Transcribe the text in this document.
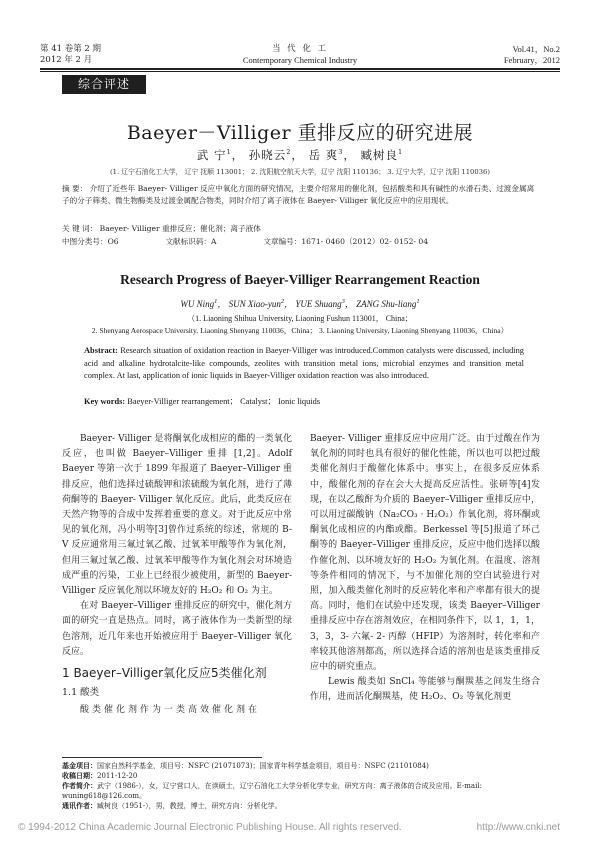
第 41 卷第 2 期
2012 年 2 月
当 代 化 工
Contemporary Chemical Industry
Vol.41，No.2
February，2012
综合评述
Baeyer－Villiger 重排反应的研究进展
武 宁$^1$， 孙晓云$^2$， 岳 爽$^3$， 臧树良$^1$
(1. 辽宁石油化工大学， 辽宁 抚顺 113001； 2. 沈阳航空航天大学，辽宁 沈阳 110136； 3. 辽宁大学，辽宁 沈阳 110036)
摘 要： 介绍了近些年 Baeyer- Villiger 反应中氧化方面的研究情况，主要介绍常用的催化剂，包括酸类和具有碱性的水滑石类、过渡金属离子的分子筛类、微生物酶类及过渡金属配合物类，同时介绍了离子液体在 Baeyer- Villiger 氧化反应中的应用现状。
关 键 词： Baeyer- Villiger 重排反应；催化剂；离子液体
中图分类号：O6	文献标识码：A	文章编号：1671- 0460（2012）02- 0152- 04
Research Progress of Baeyer-Villiger Rearrangement Reaction
WU Ning$^1$， SUN Xiao-yun$^2$， YUE Shuang$^3$， ZANG Shu-liang$^1$
（1. Liaoning Shihua University, Liaoning Fushun 113001， China；
2. Shenyang Aerospace University, Liaoning Shenyang 110036，China； 3. Liaoning University, Liaoning Shenyang 110036，China）
Abstract: Research situation of oxidation reaction in Baeyer-Villiger was introduced.Common catalysts were discussed, including acid and alkaline hydrotalcite-like compounds, zeolites with transition metal ions, microbial enzymes and transition metal complex. At last, application of ionic liquids in Baeyer-Villiger oxidation reaction was also introduced.
Key words: Baeyer-Villiger rearrangement； Catalyst； Ionic liquids

Baeyer- Villiger 是将酮氧化成相应的酯的一类氧化反应，也叫做 Baeyer–Villiger 重排 [1,2]。Adolf Baeyer 等第一次于 1899 年报道了 Baeyer–Villiger 重排反应，他们选择过硫酸钾和浓硫酸为氧化剂，进行了薄荷酮等的 Baeyer- Villiger 氧化反应。此后，此类反应在天然产物等的合成中发挥着重要的意义。对于此反应中常见的氧化剂，冯小明等[3]曾作过系统的综述，常规的 B- V 反应通常用三氟过氧乙酸、过氧苯甲酸等作为氧化剂，但用三氟过氧乙酸、过氧苯甲酸等作为氧化剂会对环境造成严重的污染，工业上已经很少被使用，新型的 Baeyer- Villiger 反应氧化剂以环境友好的 H₂O₂ 和 O₂ 为主。

在对 Baeyer–Villiger 重排反应的研究中，催化剂方面的研究一直是热点。同时，离子液体作为一类新型的绿色溶剂，近几年来也开始被应用于 Baeyer–Villiger 氧化反应。

1 Baeyer–Villiger氧化反应5类催化剂
1.1 酸类

酸类催化剂作为一类高效催化剂在

Baeyer- Villiger 重排反应中应用广泛。由于过酸在作为氧化剂的同时也具有很好的催化性能，所以也可以把过酸类催化剂归于酸催化体系中。事实上，在很多反应体系中，酸催化剂的存在会大大提高反应活性。张研等[4]发现，在以乙酸酐为介质的 Baeyer–Villiger 重排反应中，可以用过碳酸钠（Na₂CO₃ · H₂O₂）作氧化剂，将环酮或酮氧化成相应的内酯或酯。Berkessel 等[5]报道了环己酮等的 Baeyer–Villiger 重排反应，反应中他们选择以酸作催化剂、以环境友好的 H₂O₂ 为氧化剂。在温度、溶剂等条件相同的情况下，与不加催化剂的空白试验进行对照，加入酸类催化剂时的反应转化率和产率都有很大的提高。同时，他们在试验中还发现，该类 Baeyer–Villiger 重排反应中存在溶剂效应，在相同条件下，以 1，1，1，3，3，3- 六氟- 2- 丙醇（HFIP）为溶剂时，转化率和产率较其他溶剂都高，所以选择合适的溶剂也是该类重排反应中的研究重点。

Lewis 酸类如 SnCl₄ 等能够与酮羰基之间发生络合作用，进而活化酮羰基，使 H₂O₂、O₂ 等氧化剂更

基金项目：国家自然科学基金，项目号：NSFC (21071073)；国家青年科学基金项目，项目号：NSFC (21101084)
收稿日期：2011-12-20
作者简介：武宁（1986-），女，辽宁营口人，在读硕士，辽宁石油化工大学分析化学专业，研究方向：离子液体的合成及应用。E-mail: wuning618@126.com。
通讯作者：臧树良（1951-），男，教授，博士，研究方向：分析化学。
© 1994-2012 China Academic Journal Electronic Publishing House. All rights reserved.	http://www.cnki.net
